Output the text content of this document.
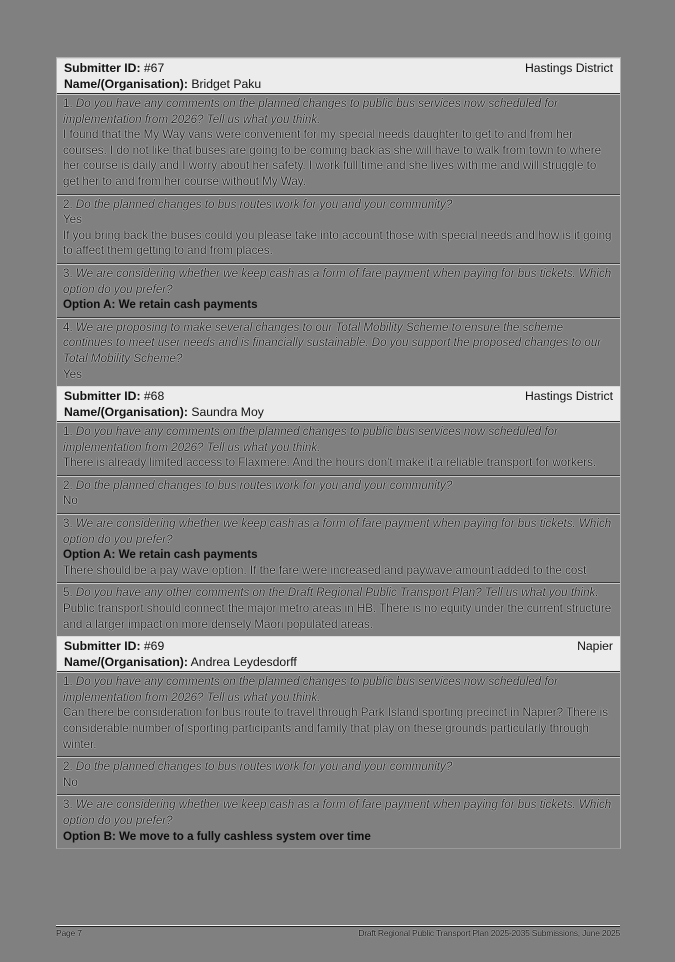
Submitter ID: #67	Hastings District
Name/(Organisation): Bridget Paku
1. Do you have any comments on the planned changes to public bus services now scheduled for implementation from 2026? Tell us what you think.
I found that the My Way vans were convenient for my special needs daughter to get to and from her courses. I do not like that buses are going to be coming back as she will have to walk from town to where her course is daily and I worry about her safety. I work full time and she lives with me and will struggle to get her to and from her course without My Way.
2. Do the planned changes to bus routes work for you and your community?
Yes
If you bring back the buses could you please take into account those with special needs and how is it going to affect them getting to and from places.
3. We are considering whether we keep cash as a form of fare payment when paying for bus tickets. Which option do you prefer?
Option A: We retain cash payments
4. We are proposing to make several changes to our Total Mobility Scheme to ensure the scheme continues to meet user needs and is financially sustainable. Do you support the proposed changes to our Total Mobility Scheme?
Yes
Submitter ID: #68	Hastings District
Name/(Organisation): Saundra Moy
1. Do you have any comments on the planned changes to public bus services now scheduled for implementation from 2026? Tell us what you think.
There is already limited access to Flaxmere. And the hours don't make it a reliable transport for workers.
2. Do the planned changes to bus routes work for you and your community?
No
3. We are considering whether we keep cash as a form of fare payment when paying for bus tickets. Which option do you prefer?
Option A: We retain cash payments
There should be a pay wave option. If the fare were increased and paywave amount added to the cost
5. Do you have any other comments on the Draft Regional Public Transport Plan? Tell us what you think.
Public transport should connect the major metro areas in HB. There is no equity under the current structure and a larger impact on more densely Maori populated areas.
Submitter ID: #69	Napier
Name/(Organisation): Andrea Leydesdorff
1. Do you have any comments on the planned changes to public bus services now scheduled for implementation from 2026? Tell us what you think.
Can there be consideration for bus route to travel through Park Island sporting precinct in Napier? There is considerable number of sporting participants and family that play on these grounds particularly through winter.
2. Do the planned changes to bus routes work for you and your community?
No
3. We are considering whether we keep cash as a form of fare payment when paying for bus tickets. Which option do you prefer?
Option B: We move to a fully cashless system over time
Page 7	Draft Regional Public Transport Plan 2025-2035 Submissions, June 2025
